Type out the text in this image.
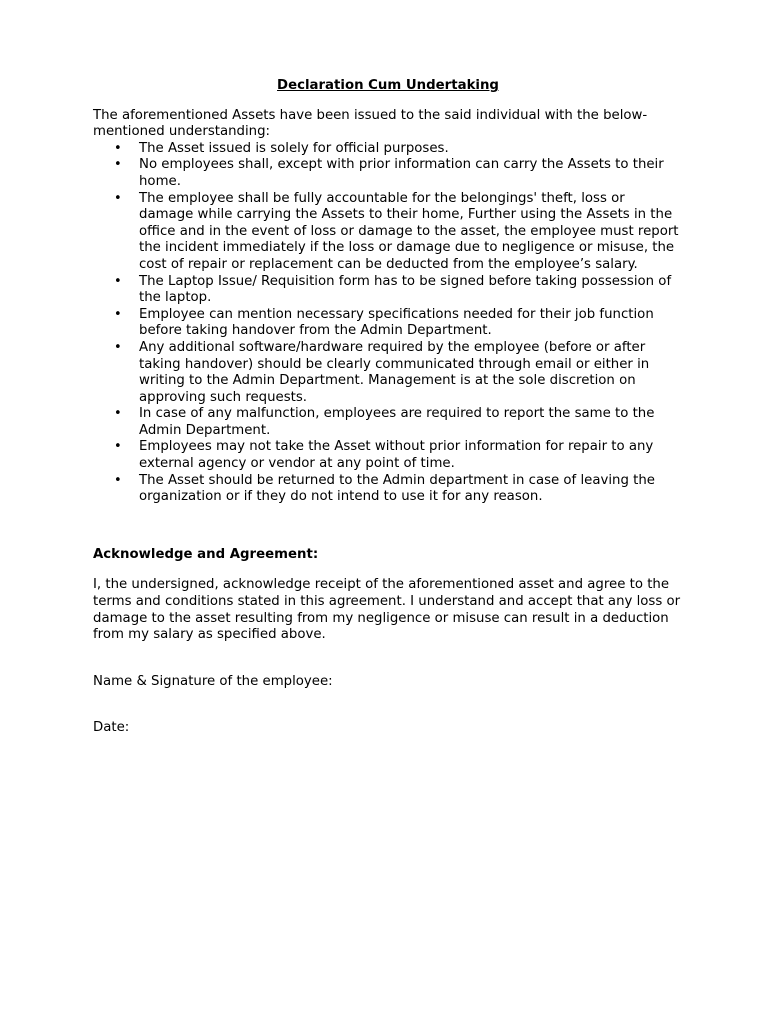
Declaration Cum Undertaking

The aforementioned Assets have been issued to the said individual with the below-mentioned understanding:

• The Asset issued is solely for official purposes.
• No employees shall, except with prior information can carry the Assets to their home.
• The employee shall be fully accountable for the belongings' theft, loss or damage while carrying the Assets to their home, Further using the Assets in the office and in the event of loss or damage to the asset, the employee must report the incident immediately if the loss or damage due to negligence or misuse, the cost of repair or replacement can be deducted from the employee’s salary.
• The Laptop Issue/ Requisition form has to be signed before taking possession of the laptop.
• Employee can mention necessary specifications needed for their job function before taking handover from the Admin Department.
• Any additional software/hardware required by the employee (before or after taking handover) should be clearly communicated through email or either in writing to the Admin Department. Management is at the sole discretion on approving such requests.
• In case of any malfunction, employees are required to report the same to the Admin Department.
• Employees may not take the Asset without prior information for repair to any external agency or vendor at any point of time.
• The Asset should be returned to the Admin department in case of leaving the organization or if they do not intend to use it for any reason.
Acknowledge and Agreement:

I, the undersigned, acknowledge receipt of the aforementioned asset and agree to the terms and conditions stated in this agreement. I understand and accept that any loss or damage to the asset resulting from my negligence or misuse can result in a deduction from my salary as specified above.

Name & Signature of the employee:
Date:
